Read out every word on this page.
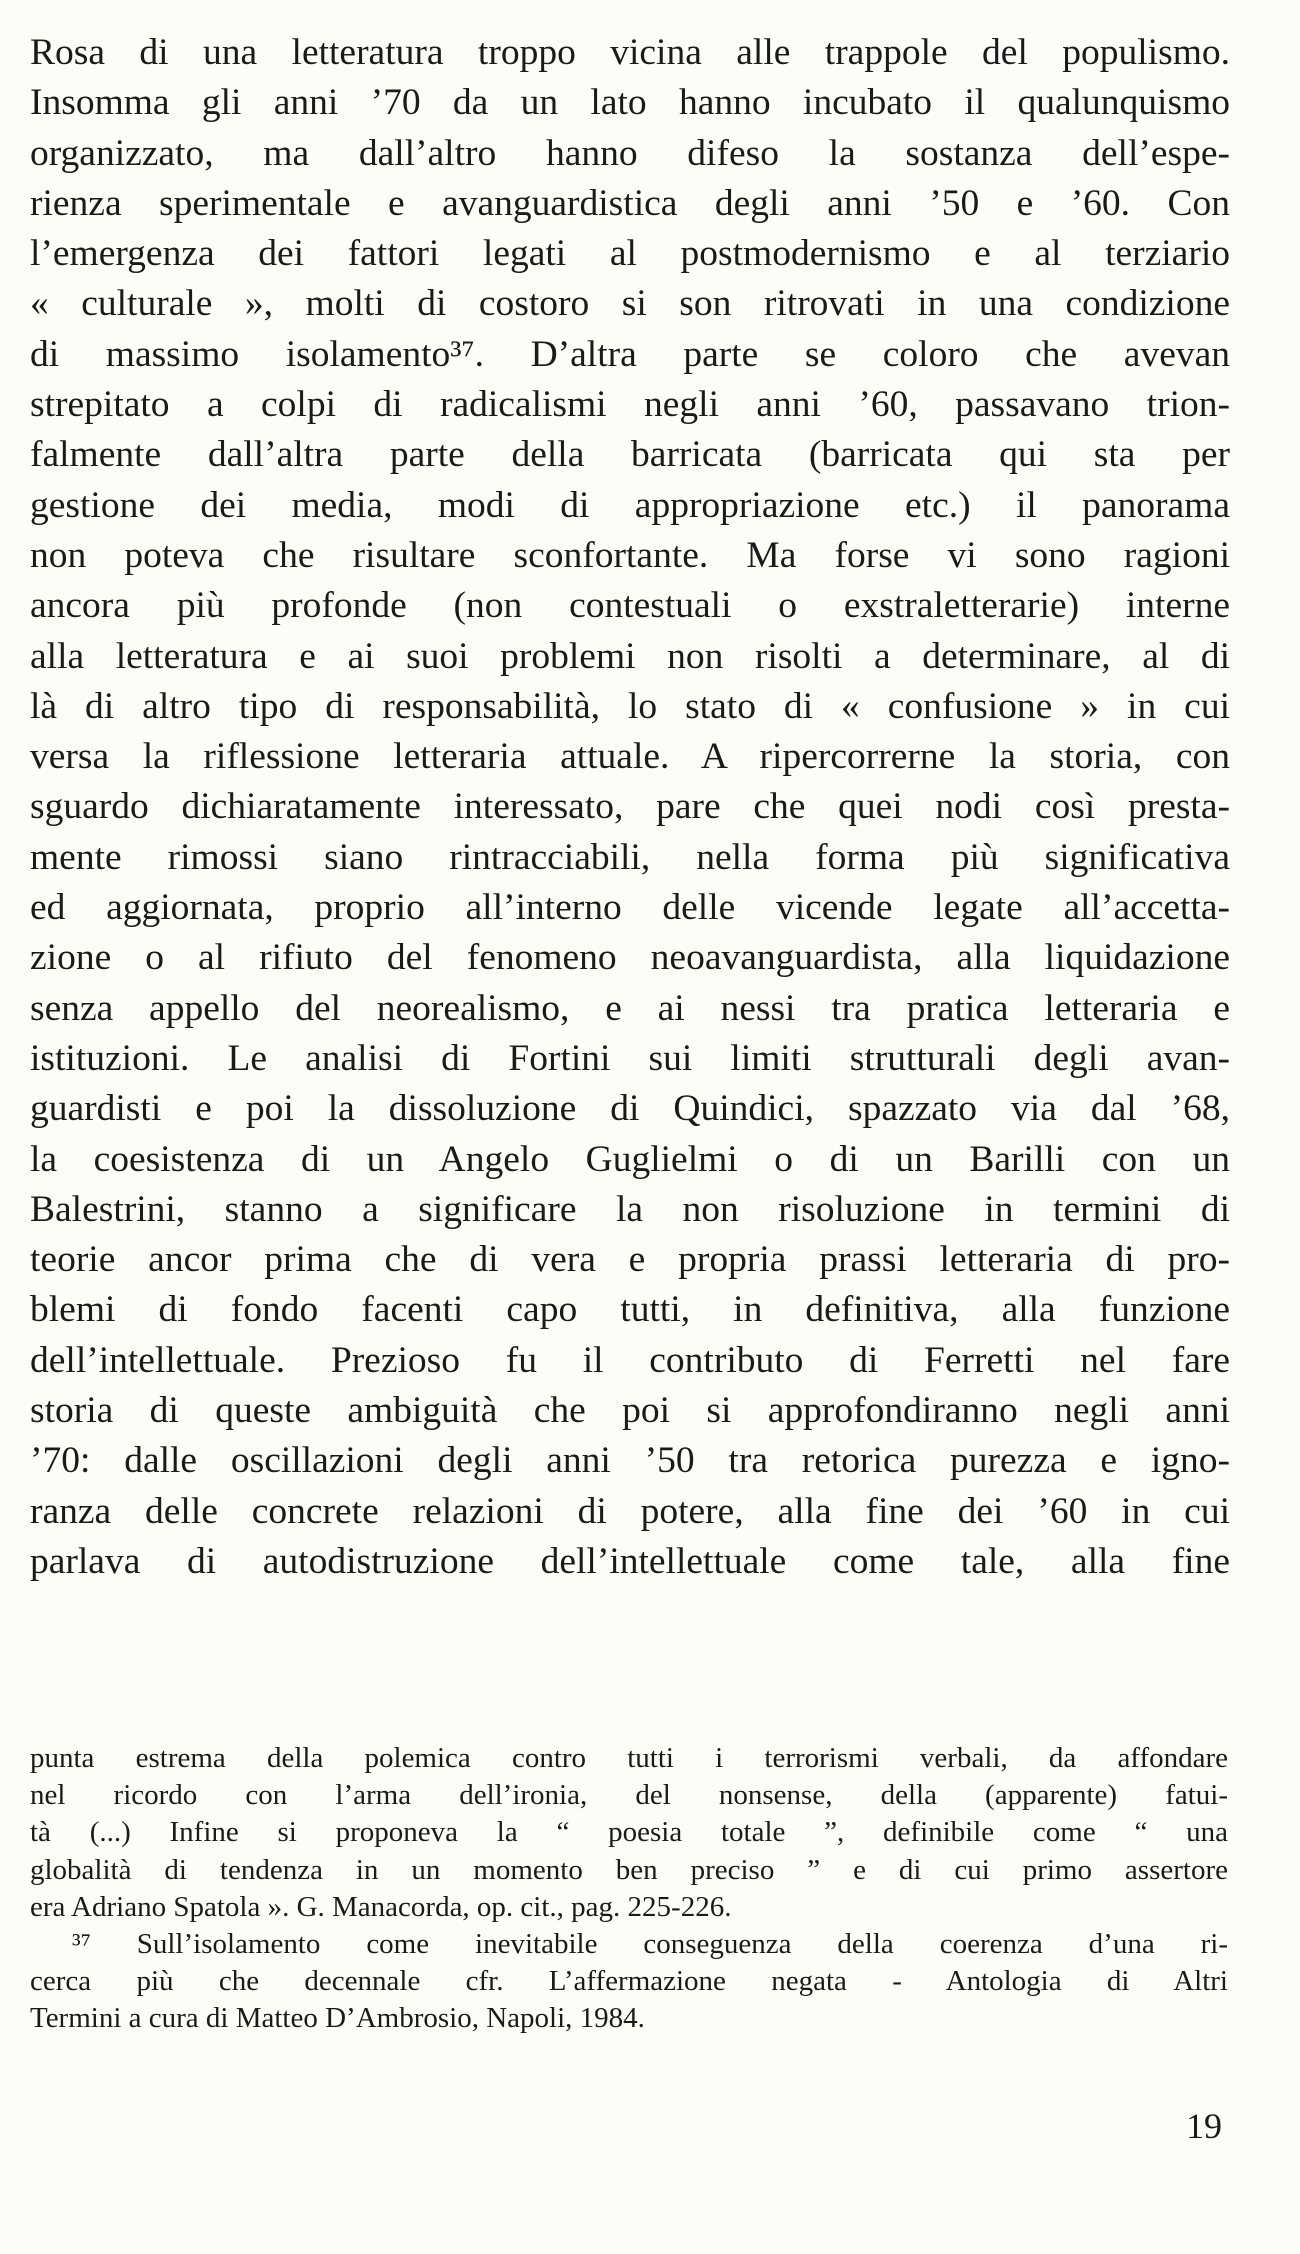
Rosa di una letteratura troppo vicina alle trappole del populismo.
Insomma gli anni ’70 da un lato hanno incubato il qualunquismo
organizzato, ma dall’altro hanno difeso la sostanza dell’espe-
rienza sperimentale e avanguardistica degli anni ’50 e ’60. Con
l’emergenza dei fattori legati al postmodernismo e al terziario
« culturale », molti di costoro si son ritrovati in una condizione
di massimo isolamento³⁷. D’altra parte se coloro che avevan
strepitato a colpi di radicalismi negli anni ’60, passavano trion-
falmente dall’altra parte della barricata (barricata qui sta per
gestione dei media, modi di appropriazione etc.) il panorama
non poteva che risultare sconfortante. Ma forse vi sono ragioni
ancora più profonde (non contestuali o exstraletterarie) interne
alla letteratura e ai suoi problemi non risolti a determinare, al di
là di altro tipo di responsabilità, lo stato di « confusione » in cui
versa la riflessione letteraria attuale. A ripercorrerne la storia, con
sguardo dichiaratamente interessato, pare che quei nodi così presta-
mente rimossi siano rintracciabili, nella forma più significativa
ed aggiornata, proprio all’interno delle vicende legate all’accetta-
zione o al rifiuto del fenomeno neoavanguardista, alla liquidazione
senza appello del neorealismo, e ai nessi tra pratica letteraria e
istituzioni. Le analisi di Fortini sui limiti strutturali degli avan-
guardisti e poi la dissoluzione di Quindici, spazzato via dal ’68,
la coesistenza di un Angelo Guglielmi o di un Barilli con un
Balestrini, stanno a significare la non risoluzione in termini di
teorie ancor prima che di vera e propria prassi letteraria di pro-
blemi di fondo facenti capo tutti, in definitiva, alla funzione
dell’intellettuale. Prezioso fu il contributo di Ferretti nel fare
storia di queste ambiguità che poi si approfondiranno negli anni
’70: dalle oscillazioni degli anni ’50 tra retorica purezza e igno-
ranza delle concrete relazioni di potere, alla fine dei ’60 in cui
parlava di autodistruzione dell’intellettuale come tale, alla fine
punta estrema della polemica contro tutti i terrorismi verbali, da affondare
nel ricordo con l’arma dell’ironia, del nonsense, della (apparente) fatui-
tà (...) Infine si proponeva la “ poesia totale ”, definibile come “ una
globalità di tendenza in un momento ben preciso ” e di cui primo assertore
era Adriano Spatola ». G. Manacorda, op. cit., pag. 225-226.
³⁷ Sull’isolamento come inevitabile conseguenza della coerenza d’una ri-
cerca più che decennale cfr. L’affermazione negata - Antologia di Altri
Termini a cura di Matteo D’Ambrosio, Napoli, 1984.
19
